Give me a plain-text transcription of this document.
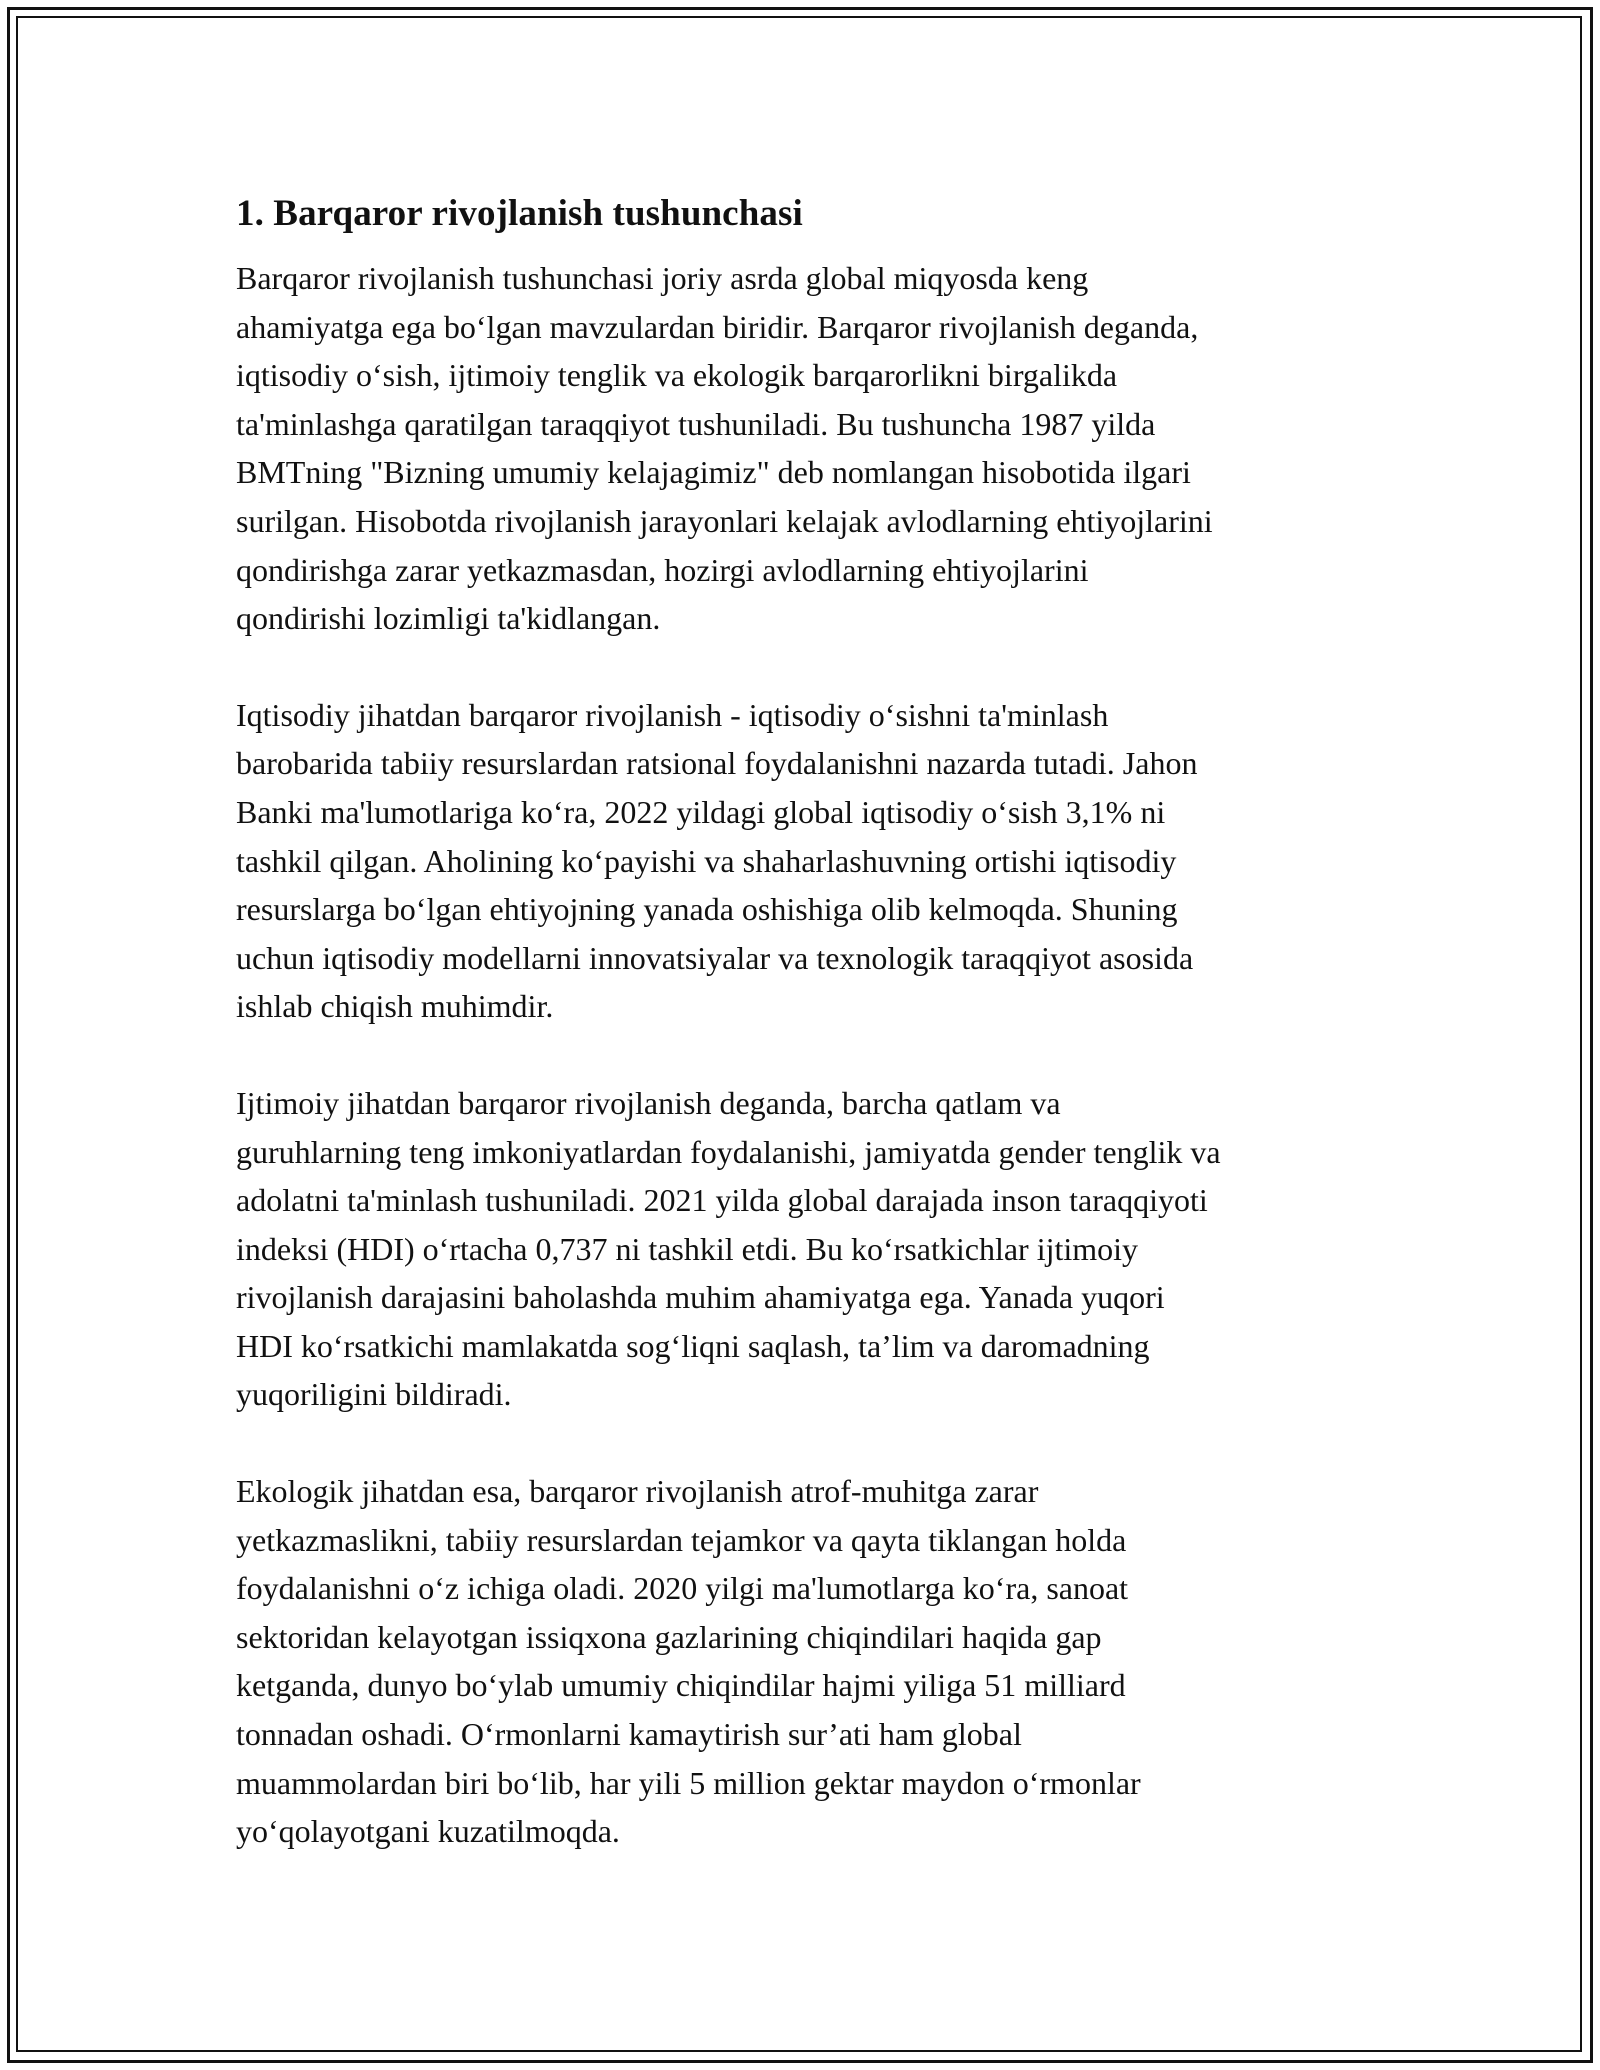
1. Barqaror rivojlanish tushunchasi
Barqaror rivojlanish tushunchasi joriy asrda global miqyosda keng
ahamiyatga ega bo‘lgan mavzulardan biridir. Barqaror rivojlanish deganda,
iqtisodiy o‘sish, ijtimoiy tenglik va ekologik barqarorlikni birgalikda
ta'minlashga qaratilgan taraqqiyot tushuniladi. Bu tushuncha 1987 yilda
BMTning "Bizning umumiy kelajagimiz" deb nomlangan hisobotida ilgari
surilgan. Hisobotda rivojlanish jarayonlari kelajak avlodlarning ehtiyojlarini
qondirishga zarar yetkazmasdan, hozirgi avlodlarning ehtiyojlarini
qondirishi lozimligi ta'kidlangan.
Iqtisodiy jihatdan barqaror rivojlanish - iqtisodiy o‘sishni ta'minlash
barobarida tabiiy resurslardan ratsional foydalanishni nazarda tutadi. Jahon
Banki ma'lumotlariga ko‘ra, 2022 yildagi global iqtisodiy o‘sish 3,1% ni
tashkil qilgan. Aholining ko‘payishi va shaharlashuvning ortishi iqtisodiy
resurslarga bo‘lgan ehtiyojning yanada oshishiga olib kelmoqda. Shuning
uchun iqtisodiy modellarni innovatsiyalar va texnologik taraqqiyot asosida
ishlab chiqish muhimdir.
Ijtimoiy jihatdan barqaror rivojlanish deganda, barcha qatlam va
guruhlarning teng imkoniyatlardan foydalanishi, jamiyatda gender tenglik va
adolatni ta'minlash tushuniladi. 2021 yilda global darajada inson taraqqiyoti
indeksi (HDI) o‘rtacha 0,737 ni tashkil etdi. Bu ko‘rsatkichlar ijtimoiy
rivojlanish darajasini baholashda muhim ahamiyatga ega. Yanada yuqori
HDI ko‘rsatkichi mamlakatda sog‘liqni saqlash, ta’lim va daromadning
yuqoriligini bildiradi.
Ekologik jihatdan esa, barqaror rivojlanish atrof-muhitga zarar
yetkazmaslikni, tabiiy resurslardan tejamkor va qayta tiklangan holda
foydalanishni o‘z ichiga oladi. 2020 yilgi ma'lumotlarga ko‘ra, sanoat
sektoridan kelayotgan issiqxona gazlarining chiqindilari haqida gap
ketganda, dunyo bo‘ylab umumiy chiqindilar hajmi yiliga 51 milliard
tonnadan oshadi. O‘rmonlarni kamaytirish sur’ati ham global
muammolardan biri bo‘lib, har yili 5 million gektar maydon o‘rmonlar
yo‘qolayotgani kuzatilmoqda.
